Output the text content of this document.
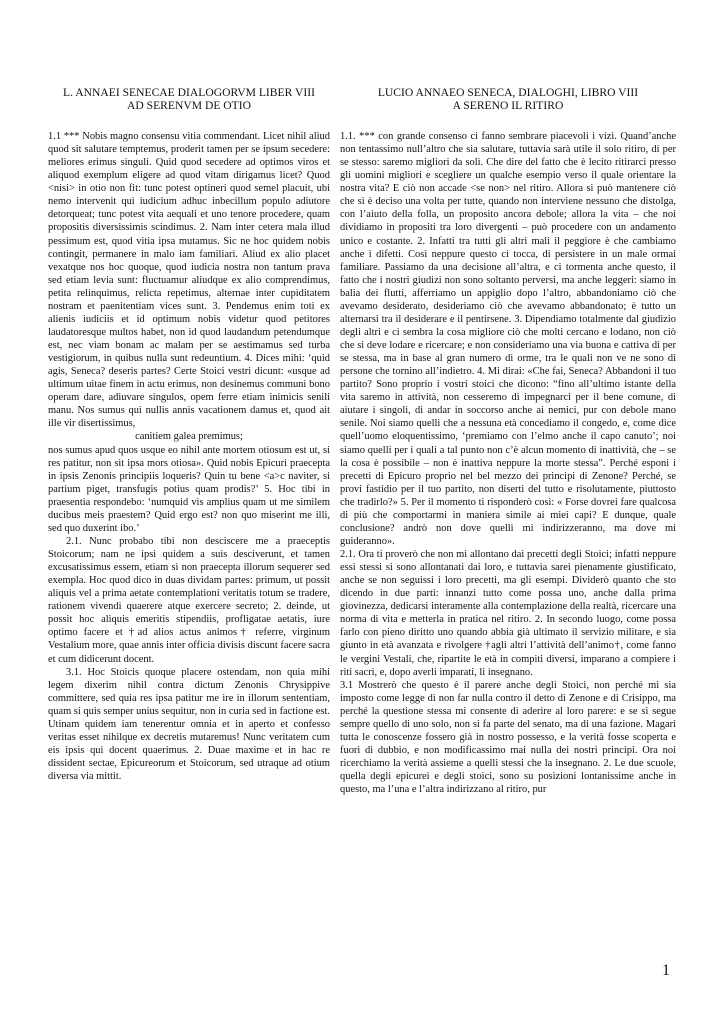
L. ANNAEI SENECAE DIALOGORVM LIBER VIII
AD SERENVM DE OTIO

1.1 *** Nobis magno consensu vitia commendant. Licet nihil aliud quod sit salutare temptemus, proderit tamen per se ipsum secedere: meliores erimus singuli. Quid quod secedere ad optimos viros et aliquod exemplum eligere ad quod vitam dirigamus licet? Quod <nisi> in otio non fit: tunc potest optineri quod semel placuit, ubi nemo intervenit qui iudicium adhuc inbecillum populo adiutore detorqueat; tunc potest vita aequali et uno tenore procedere, quam propositis diversissimis scindimus. 2. Nam inter cetera mala illud pessimum est, quod vitia ipsa mutamus. Sic ne hoc quidem nobis contingit, permanere in malo iam familiari. Aliud ex alio placet vexatque nos hoc quoque, quod iudicia nostra non tantum prava sed etiam levia sunt: fluctuamur aliudque ex alio comprendimus, petita relinquimus, relicta repetimus, alternae inter cupiditatem nostram et paenitentiam vices sunt. 3. Pendemus enim toti ex alienis iudiciis et id optimum nobis videtur quod petitores laudatoresque multos habet, non id quod laudandum petendumque est, nec viam bonam ac malam per se aestimamus sed turba vestigiorum, in quibus nulla sunt redeuntium. 4. Dices mihi: ‘quid agis, Seneca? deseris partes? Certe Stoici vestri dicunt: «usque ad ultimum uitae finem in actu erimus, non desinemus communi bono operam dare, adiuvare singulos, opem ferre etiam inimicis senili manu. Nos sumus qui nullis annis vacationem damus et, quod ait ille vir disertissimus,

canitiem galea premimus;

nos sumus apud quos usque eo nihil ante mortem otiosum est ut, si res patitur, non sit ipsa mors otiosa». Quid nobis Epicuri praecepta in ipsis Zenonis principiis loqueris? Quin tu bene <a>c naviter, si partium piget, transfugis potius quam prodis?’ 5. Hoc tibi in praesentia respondebo: ‘numquid vis amplius quam ut me similem ducibus meis praestem? Quid ergo est? non quo miserint me illi, sed quo duxerint ibo.’

2.1. Nunc probabo tibi non desciscere me a praeceptis Stoicorum; nam ne ipsi quidem a suis desciverunt, et tamen excusatissimus essem, etiam si non praecepta illorum sequerer sed exempla. Hoc quod dico in duas dividam partes: primum, ut possit aliquis vel a prima aetate contemplationi veritatis totum se tradere, rationem vivendi quaerere atque exercere secreto; 2. deinde, ut possit hoc aliquis emeritis stipendiis, profligatae aetatis, iure optimo facere et †ad alios actus animos† referre, virginum Vestalium more, quae annis inter officia divisis discunt facere sacra et cum didicerunt docent.

3.1. Hoc Stoicis quoque placere ostendam, non quia mihi legem dixerim nihil contra dictum Zenonis Chrysippive committere, sed quia res ipsa patitur me ire in illorum sententiam, quam si quis semper unius sequitur, non in curia sed in factione est. Utinam quidem iam tenerentur omnia et in aperto et confesso veritas esset nihilque ex decretis mutaremus! Nunc veritatem cum eis ipsis qui docent quaerimus. 2. Duae maxime et in hac re dissident sectae, Epicureorum et Stoicorum, sed utraque ad otium diversa via mittit.

LUCIO ANNAEO SENECA, DIALOGHI, LIBRO VIII
A SERENO IL RITIRO

1.1. *** con grande consenso ci fanno sembrare piacevoli i vizi. Quand’anche non tentassimo null’altro che sia salutare, tuttavia sarà utile il solo ritiro, di per se stesso: saremo migliori da soli. Che dire del fatto che è lecito ritirarci presso gli uomini migliori e scegliere un qualche esempio verso il quale orientare la nostra vita? E ciò non accade <se non> nel ritiro. Allora si può mantenere ciò che si è deciso una volta per tutte, quando non interviene nessuno che distolga, con l’aiuto della folla, un proposito ancora debole; allora la vita – che noi dividiamo in propositi tra loro divergenti – può procedere con un andamento unico e costante. 2. Infatti tra tutti gli altri mali il peggiore è che cambiamo anche i difetti. Così neppure questo ci tocca, di persistere in un male ormai familiare. Passiamo da una decisione all’altra, e ci tormenta anche questo, il fatto che i nostri giudizi non sono soltanto perversi, ma anche leggeri: siamo in balia dei flutti, afferriamo un appiglio dopo l’altro, abbandoniamo ciò che avevamo desiderato, desideriamo ciò che avevamo abbandonato; è tutto un alternarsi tra il desiderare e il pentirsene. 3. Dipendiamo totalmente dal giudizio degli altri e ci sembra la cosa migliore ciò che molti cercano e lodano, non ciò che si deve lodare e ricercare; e non consideriamo una via buona e cattiva di per se stessa, ma in base al gran numero di orme, tra le quali non ve ne sono di persone che tornino all’indietro. 4. Mi dirai: «Che fai, Seneca? Abbandoni il tuo partito? Sono proprio i vostri stoici che dicono: “fino all’ultimo istante della vita saremo in attività, non cesseremo di impegnarci per il bene comune, di aiutare i singoli, di andar in soccorso anche ai nemici, pur con debole mano senile. Noi siamo quelli che a nessuna età concediamo il congedo, e, come dice quell’uomo eloquentissimo, ‘premiamo con l’elmo anche il capo canuto’; noi siamo quelli per i quali a tal punto non c’è alcun momento di inattività, che – se la cosa è possibile – non è inattiva neppure la morte stessa”. Perché esponi i precetti di Epicuro proprio nel bel mezzo dei principi di Zenone? Perché, se provi fastidio per il tuo partito, non diserti del tutto e risolutamente, piuttosto che tradirlo?» 5. Per il momento ti risponderò così: « Forse dovrei fare qualcosa di più che comportarmi in maniera simile ai miei capi? E dunque, quale conclusione? andrò non dove quelli mi indirizzeranno, ma dove mi guideranno».

2.1. Ora ti proverò che non mi allontano dai precetti degli Stoici; infatti neppure essi stessi si sono allontanati dai loro, e tuttavia sarei pienamente giustificato, anche se non seguissi i loro precetti, ma gli esempi. Dividerò quanto che sto dicendo in due parti: innanzi tutto come possa uno, anche dalla prima giovinezza, dedicarsi interamente alla contemplazione della realtà, ricercare una norma di vita e metterla in pratica nel ritiro. 2. In secondo luogo, come possa farlo con pieno diritto uno quando abbia già ultimato il servizio militare, e sia giunto in età avanzata e rivolgere †agli altri l’attività dell’animo†, come fanno le vergini Vestali, che, ripartite le età in compiti diversi, imparano a compiere i riti sacri, e, dopo averli imparati, li insegnano.

3.1 Mostrerò che questo è il parere anche degli Stoici, non perché mi sia imposto come legge di non far nulla contro il detto di Zenone e di Crisippo, ma perché la questione stessa mi consente di aderire al loro parere: e se si segue sempre quello di uno solo, non si fa parte del senato, ma di una fazione. Magari tutta le conoscenze fossero già in nostro possesso, e la verità fosse scoperta e fuori di dubbio, e non modificassimo mai nulla dei nostri principi. Ora noi ricerchiamo la verità assieme a quelli stessi che la insegnano. 2. Le due scuole, quella degli epicurei e degli stoici, sono su posizioni lontanissime anche in questo, ma l’una e l’altra indirizzano al ritiro, pur

1
